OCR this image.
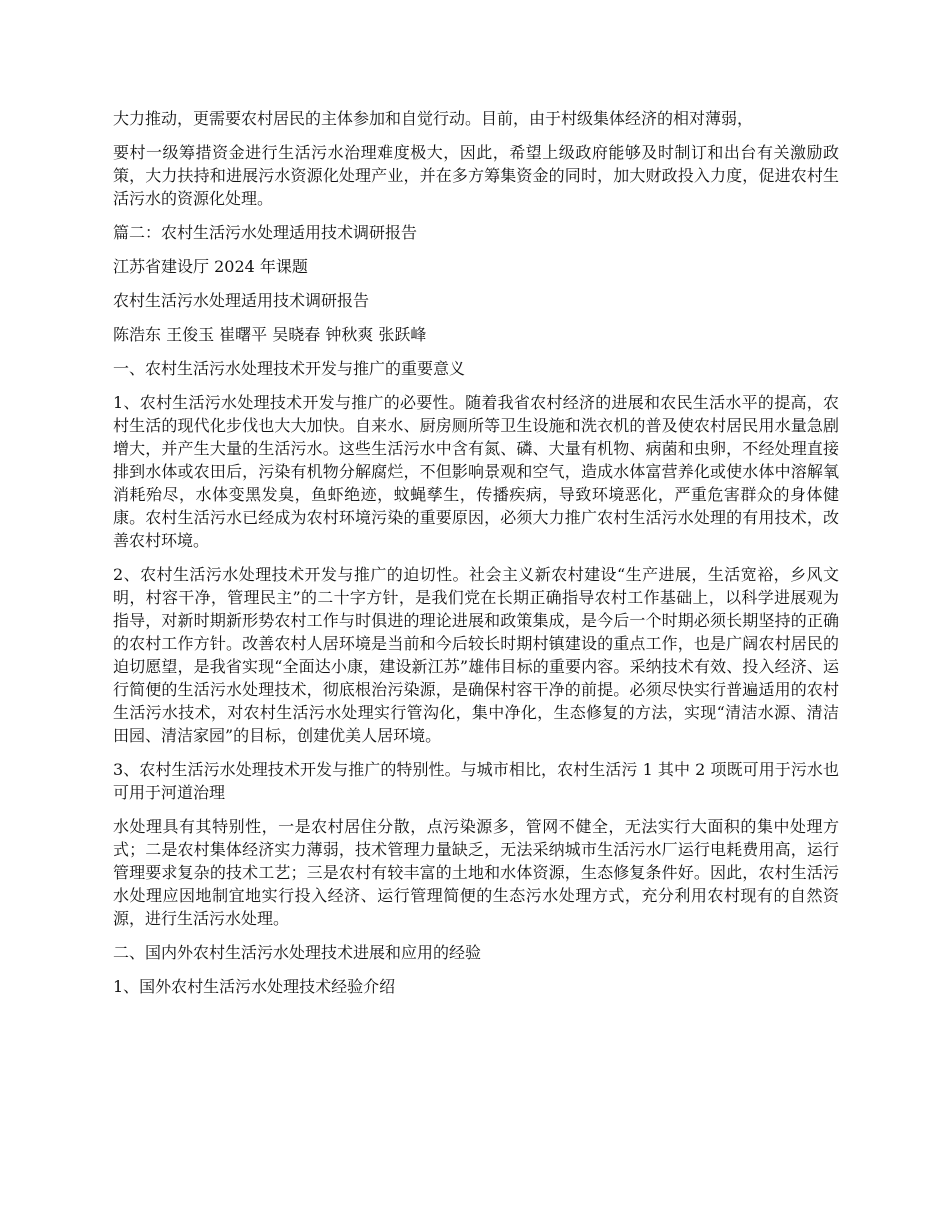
大力推动，更需要农村居民的主体参加和自觉行动。目前，由于村级集体经济的相对薄弱，

要村一级筹措资金进行生活污水治理难度极大，因此，希望上级政府能够及时制订和出台有关激励政策，大力扶持和进展污水资源化处理产业，并在多方筹集资金的同时，加大财政投入力度，促进农村生活污水的资源化处理。

篇二：农村生活污水处理适用技术调研报告

江苏省建设厅 2024 年课题

农村生活污水处理适用技术调研报告

陈浩东 王俊玉 崔曙平 吴晓春 钟秋爽 张跃峰

一、农村生活污水处理技术开发与推广的重要意义

1、农村生活污水处理技术开发与推广的必要性。随着我省农村经济的进展和农民生活水平的提高，农村生活的现代化步伐也大大加快。自来水、厨房厕所等卫生设施和洗衣机的普及使农村居民用水量急剧增大，并产生大量的生活污水。这些生活污水中含有氮、磷、大量有机物、病菌和虫卵，不经处理直接排到水体或农田后，污染有机物分解腐烂，不但影响景观和空气，造成水体富营养化或使水体中溶解氧消耗殆尽，水体变黑发臭，鱼虾绝迹，蚊蝇孳生，传播疾病，导致环境恶化，严重危害群众的身体健康。农村生活污水已经成为农村环境污染的重要原因，必须大力推广农村生活污水处理的有用技术，改善农村环境。

2、农村生活污水处理技术开发与推广的迫切性。社会主义新农村建设“生产进展，生活宽裕，乡风文明，村容干净，管理民主”的二十字方针，是我们党在长期正确指导农村工作基础上，以科学进展观为指导，对新时期新形势农村工作与时俱进的理论进展和政策集成，是今后一个时期必须长期坚持的正确的农村工作方针。改善农村人居环境是当前和今后较长时期村镇建设的重点工作，也是广阔农村居民的迫切愿望，是我省实现“全面达小康，建设新江苏”雄伟目标的重要内容。采纳技术有效、投入经济、运行简便的生活污水处理技术，彻底根治污染源，是确保村容干净的前提。必须尽快实行普遍适用的农村生活污水技术，对农村生活污水处理实行管沟化，集中净化，生态修复的方法，实现“清洁水源、清洁田园、清洁家园”的目标，创建优美人居环境。

3、农村生活污水处理技术开发与推广的特别性。与城市相比，农村生活污 1 其中 2 项既可用于污水也可用于河道治理

水处理具有其特别性，一是农村居住分散，点污染源多，管网不健全，无法实行大面积的集中处理方式；二是农村集体经济实力薄弱，技术管理力量缺乏，无法采纳城市生活污水厂运行电耗费用高，运行管理要求复杂的技术工艺；三是农村有较丰富的土地和水体资源，生态修复条件好。因此，农村生活污水处理应因地制宜地实行投入经济、运行管理简便的生态污水处理方式，充分利用农村现有的自然资源，进行生活污水处理。

二、国内外农村生活污水处理技术进展和应用的经验

1、国外农村生活污水处理技术经验介绍
